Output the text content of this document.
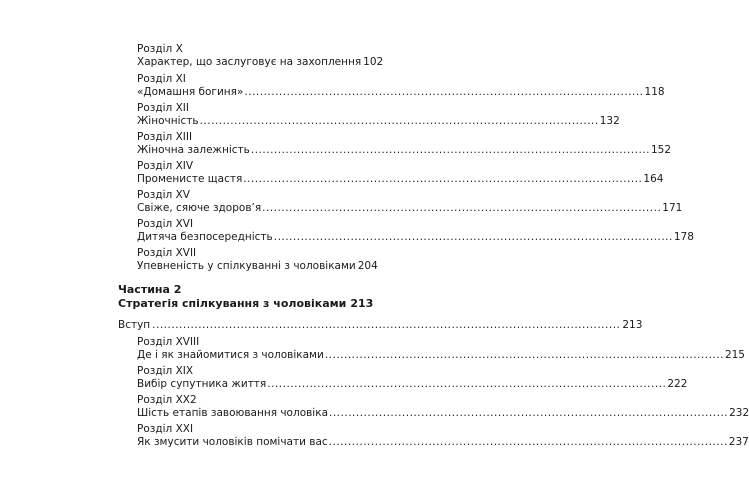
Розділ X
Характер, що заслуговує на захоплення 102
Розділ XI
«Домашня богиня» ........................................................................................................ 118
Розділ XII
Жіночність ........................................................................................................ 132
Розділ XIII
Жіночна залежність ........................................................................................................ 152
Розділ XIV
Променисте щастя ........................................................................................................ 164
Розділ XV
Свіже, сяюче здоров’я ........................................................................................................ 171
Розділ XVI
Дитяча безпосередність ........................................................................................................ 178
Розділ XVII
Упевненість у спілкуванні з чоловіками 204
Частина 2
Стратегія спілкування з чоловіками 213
Вступ .......................................................................................................................... 213
Розділ XVIII
Де і як знайомитися з чоловіками ........................................................................................................ 215
Розділ XIX
Вибір супутника життя ........................................................................................................ 222
Розділ XX2
Шість етапів завоювання чоловіка ........................................................................................................ 232
Розділ XXI
Як змусити чоловіків помічати вас ........................................................................................................ 237
